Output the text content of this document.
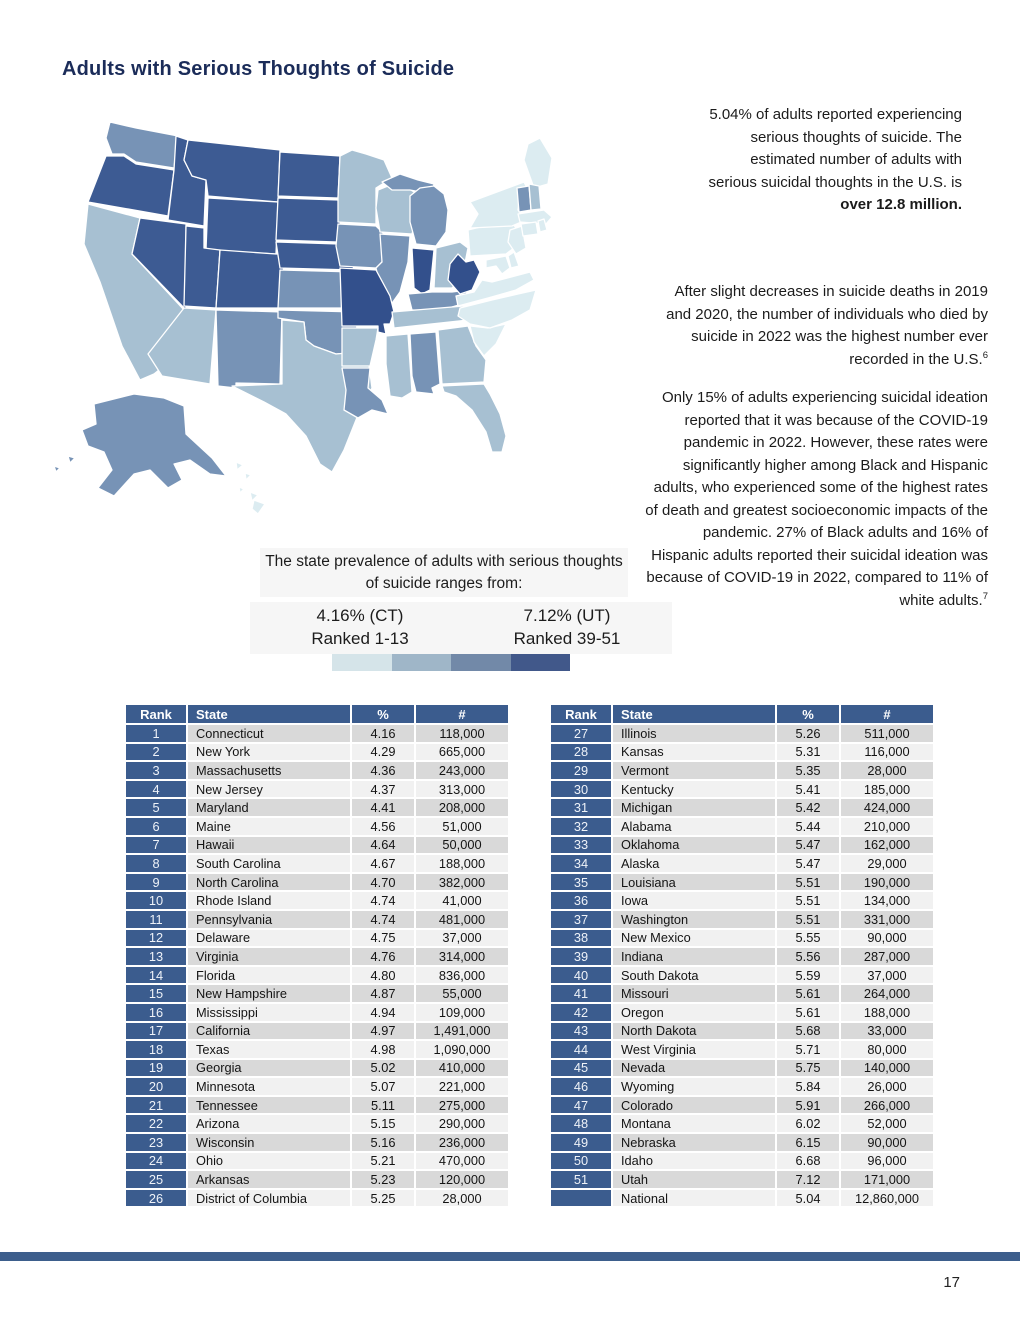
Adults with Serious Thoughts of Suicide

5.04% of adults reported experiencing serious thoughts of suicide. The estimated number of adults with serious suicidal thoughts in the U.S. is over 12.8 million.

After slight decreases in suicide deaths in 2019 and 2020, the number of individuals who died by suicide in 2022 was the highest number ever recorded in the U.S.$^6$

Only 15% of adults experiencing suicidal ideation reported that it was because of the COVID-19 pandemic in 2022. However, these rates were significantly higher among Black and Hispanic adults, who experienced some of the highest rates of death and greatest socioeconomic impacts of the pandemic. 27% of Black adults and 16% of Hispanic adults reported their suicidal ideation was because of COVID-19 in 2022, compared to 11% of white adults.$^7$

The state prevalence of adults with serious thoughts of suicide ranges from:
4.16% (CT)
Ranked 1-13
7.12% (UT)
Ranked 39-51
Rank	State	%	#
1	Connecticut	4.16	118,000
2	New York	4.29	665,000
3	Massachusetts	4.36	243,000
4	New Jersey	4.37	313,000
5	Maryland	4.41	208,000
6	Maine	4.56	51,000
7	Hawaii	4.64	50,000
8	South Carolina	4.67	188,000
9	North Carolina	4.70	382,000
10	Rhode Island	4.74	41,000
11	Pennsylvania	4.74	481,000
12	Delaware	4.75	37,000
13	Virginia	4.76	314,000
14	Florida	4.80	836,000
15	New Hampshire	4.87	55,000
16	Mississippi	4.94	109,000
17	California	4.97	1,491,000
18	Texas	4.98	1,090,000
19	Georgia	5.02	410,000
20	Minnesota	5.07	221,000
21	Tennessee	5.11	275,000
22	Arizona	5.15	290,000
23	Wisconsin	5.16	236,000
24	Ohio	5.21	470,000
25	Arkansas	5.23	120,000
26	District of Columbia	5.25	28,000
Rank	State	%	#
27	Illinois	5.26	511,000
28	Kansas	5.31	116,000
29	Vermont	5.35	28,000
30	Kentucky	5.41	185,000
31	Michigan	5.42	424,000
32	Alabama	5.44	210,000
33	Oklahoma	5.47	162,000
34	Alaska	5.47	29,000
35	Louisiana	5.51	190,000
36	Iowa	5.51	134,000
37	Washington	5.51	331,000
38	New Mexico	5.55	90,000
39	Indiana	5.56	287,000
40	South Dakota	5.59	37,000
41	Missouri	5.61	264,000
42	Oregon	5.61	188,000
43	North Dakota	5.68	33,000
44	West Virginia	5.71	80,000
45	Nevada	5.75	140,000
46	Wyoming	5.84	26,000
47	Colorado	5.91	266,000
48	Montana	6.02	52,000
49	Nebraska	6.15	90,000
50	Idaho	6.68	96,000
51	Utah	7.12	171,000
	National	5.04	12,860,000
17
